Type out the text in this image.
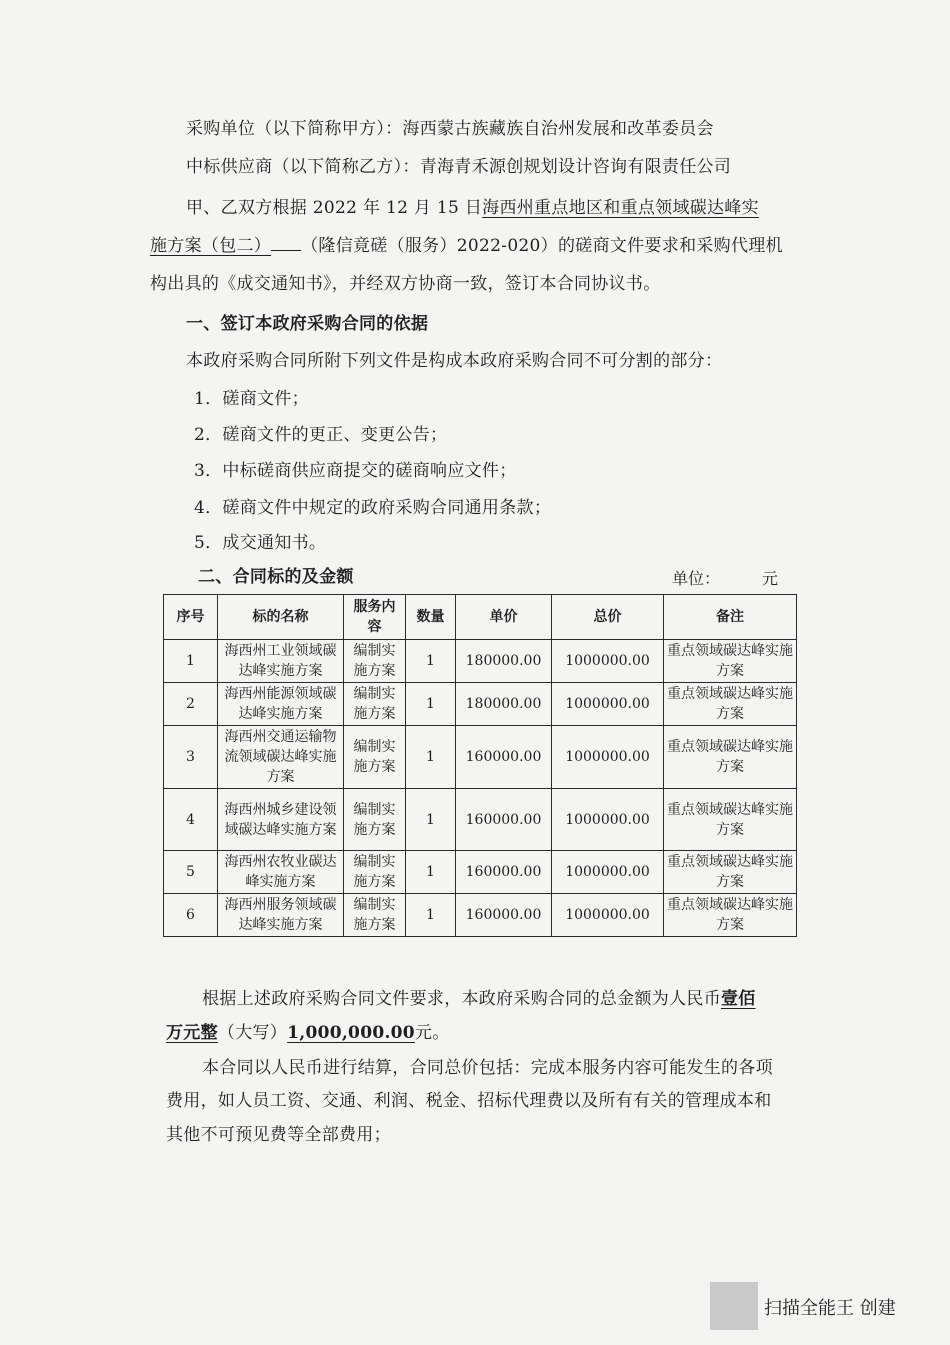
采购单位（以下简称甲方）：海西蒙古族藏族自治州发展和改革委员会
中标供应商（以下简称乙方）：青海青禾源创规划设计咨询有限责任公司
甲、乙双方根据 2022 年 12 月 15 日海西州重点地区和重点领域碳达峰实
施方案（包二） （隆信竟磋（服务）2022-020）的磋商文件要求和采购代理机
构出具的《成交通知书》，并经双方协商一致，签订本合同协议书。
一、签订本政府采购合同的依据
本政府采购合同所附下列文件是构成本政府采购合同不可分割的部分：
1．磋商文件；
2．磋商文件的更正、变更公告；
3．中标磋商供应商提交的磋商响应文件；
4．磋商文件中规定的政府采购合同通用条款；
5．成交通知书。
二、合同标的及金额	单位：	元
序号	标的名称	服务内容	数量	单价	总价	备注
1	海西州工业领域碳达峰实施方案	编制实施方案	1	180000.00	1000000.00	重点领域碳达峰实施方案
2	海西州能源领域碳达峰实施方案	编制实施方案	1	180000.00	1000000.00	重点领域碳达峰实施方案
3	海西州交通运输物流领域碳达峰实施方案	编制实施方案	1	160000.00	1000000.00	重点领域碳达峰实施方案
4	海西州城乡建设领域碳达峰实施方案	编制实施方案	1	160000.00	1000000.00	重点领域碳达峰实施方案
5	海西州农牧业碳达峰实施方案	编制实施方案	1	160000.00	1000000.00	重点领域碳达峰实施方案
6	海西州服务领域碳达峰实施方案	编制实施方案	1	160000.00	1000000.00	重点领域碳达峰实施方案
根据上述政府采购合同文件要求，本政府采购合同的总金额为人民币壹佰
万元整（大写）1,000,000.00元。
本合同以人民币进行结算，合同总价包括：完成本服务内容可能发生的各项
费用，如人员工资、交通、利润、税金、招标代理费以及所有有关的管理成本和
其他不可预见费等全部费用；
扫描全能王 创建
